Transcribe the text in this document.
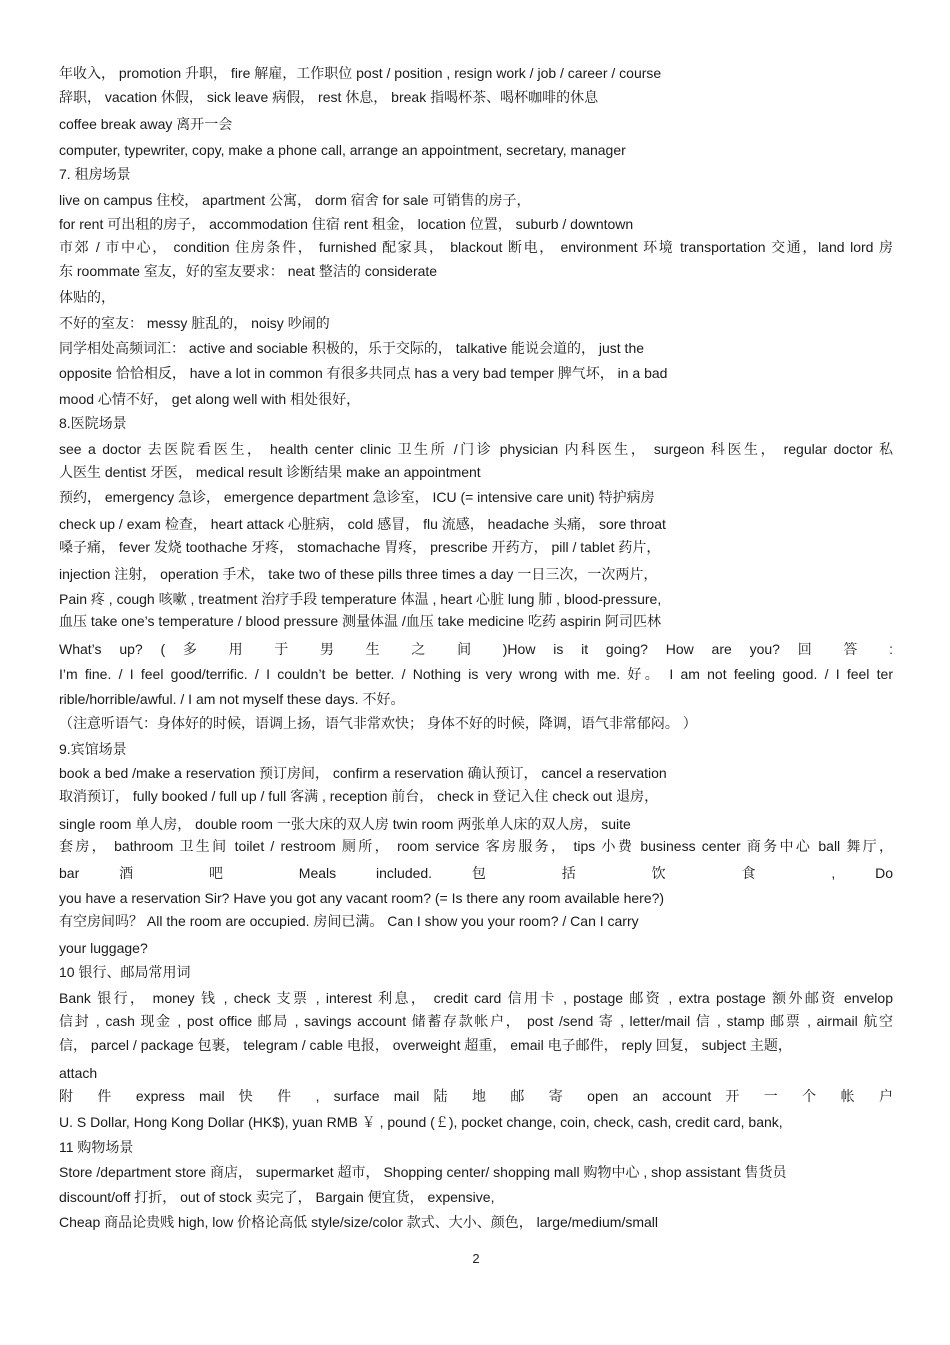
年收入， promotion 升职， fire 解雇，工作职位 post / position , resign work / job / career / course
辞职， vacation 休假， sick leave 病假， rest 休息， break 指喝杯茶、喝杯咖啡的休息
coffee break away 离开一会
computer, typewriter, copy, make a phone call, arrange an appointment, secretary, manager
7. 租房场景
live on campus 住校， apartment 公寓， dorm 宿舍 for sale 可销售的房子，
for rent 可出租的房子， accommodation 住宿 rent 租金， location 位置， suburb / downtown
市郊 / 市中心， condition 住房条件， furnished 配家具， blackout 断电， environment 环境 transportation 交通，land lord 房
东 roommate 室友，好的室友要求： neat 整洁的 considerate
体贴的，
不好的室友： messy 脏乱的， noisy 吵闹的
同学相处高频词汇： active and sociable 积极的，乐于交际的， talkative 能说会道的， just the
opposite 恰恰相反， have a lot in common 有很多共同点 has a very bad temper 脾气坏， in a bad
mood 心情不好， get along well with 相处很好，
8.医院场景
see a doctor 去医院看医生， health center clinic 卫生所 /门诊 physician 内科医生， surgeon 科医生， regular doctor 私
人医生 dentist 牙医， medical result 诊断结果 make an appointment
预约， emergency 急诊， emergence department 急诊室， ICU (= intensive care unit) 特护病房
check up / exam 检查， heart attack 心脏病， cold 感冒， flu 流感， headache 头痛， sore throat
嗓子痛， fever 发烧 toothache 牙疼， stomachache 胃疼， prescribe 开药方， pill / tablet 药片，
injection 注射， operation 手术， take two of these pills three times a day 一日三次，一次两片，
Pain 疼 , cough 咳嗽 , treatment 治疗手段 temperature 体温 , heart 心脏 lung 肺 , blood-pressure,
血压 take one’s temperature / blood pressure 测量体温 /血压 take medicine 吃药 aspirin 阿司匹林
What’s up? ( 多 用 于 男 生 之 间 )How is it going? How are you? 回 答 :
I’m fine. / I feel good/terrific. / I couldn’t be better. / Nothing is very wrong with me. 好。 I am not feeling good. / I feel ter
rible/horrible/awful. / I am not myself these days. 不好。
（注意听语气：身体好的时候，语调上扬，语气非常欢快； 身体不好的时候，降调，语气非常郁闷。 ）
9.宾馆场景
book a bed /make a reservation 预订房间， confirm a reservation 确认预订， cancel a reservation
取消预订， fully booked / full up / full 客满 , reception 前台， check in 登记入住 check out 退房，
single room 单人房， double room 一张大床的双人房 twin room 两张单人床的双人房， suite
套房， bathroom 卫生间 toilet / restroom 厕所， room service 客房服务， tips 小费 business center 商务中心 ball 舞厅，
bar 酒 吧 Meals included. 包 括 饮 食 , Do
you have a reservation Sir? Have you got any vacant room? (= Is there any room available here?)
有空房间吗？ All the room are occupied. 房间已满。 Can I show you your room? / Can I carry
your luggage?
10 银行、邮局常用词
Bank 银行， money 钱 , check 支票 , interest 利息， credit card 信用卡 , postage 邮资 , extra postage 额外邮资 envelop
信封 , cash 现金 , post office 邮局 , savings account 储蓄存款帐户， post /send 寄 , letter/mail 信 , stamp 邮票 , airmail 航空
信， parcel / package 包裹， telegram / cable 电报， overweight 超重， email 电子邮件， reply 回复， subject 主题，
attach
附 件 express mail 快 件 , surface mail 陆 地 邮 寄 open an account 开 一 个 帐 户
U. S Dollar, Hong Kong Dollar (HK$), yuan RMB ￥ , pound (￡), pocket change, coin, check, cash, credit card, bank,
11 购物场景
Store /department store 商店， supermarket 超市， Shopping center/ shopping mall 购物中心 , shop assistant 售货员
discount/off 打折， out of stock 卖完了， Bargain 便宜货， expensive,
Cheap 商品论贵贱 high, low 价格论高低 style/size/color 款式、大小、颜色， large/medium/small
2
